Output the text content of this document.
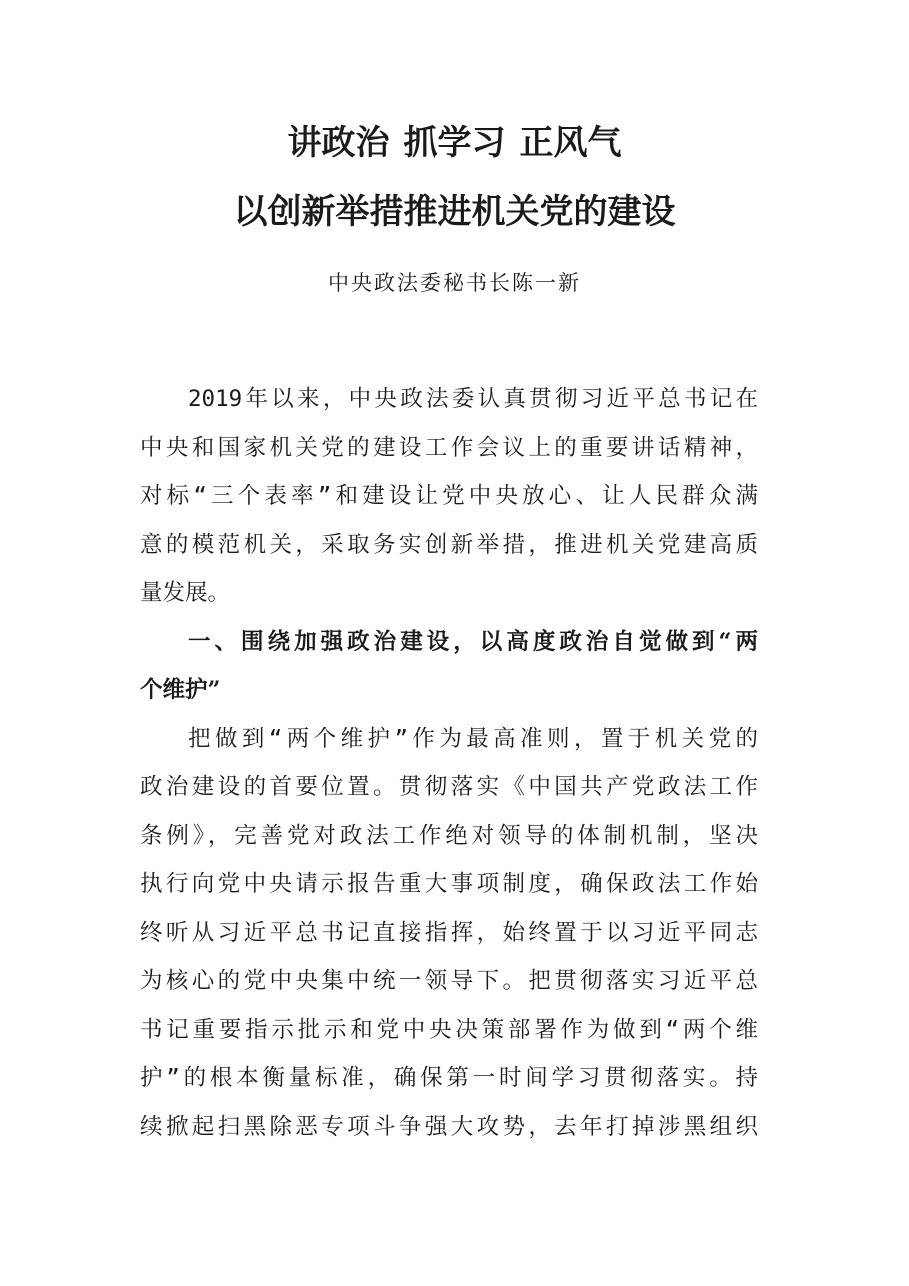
讲政治 抓学习 正风气
以创新举措推进机关党的建设
中央政法委秘书长陈一新
2019年以来，中央政法委认真贯彻习近平总书记在
中央和国家机关党的建设工作会议上的重要讲话精神，
对标“三个表率”和建设让党中央放心、让人民群众满
意的模范机关，采取务实创新举措，推进机关党建高质
量发展。
一、围绕加强政治建设，以高度政治自觉做到“两
个维护”
把做到“两个维护”作为最高准则，置于机关党的
政治建设的首要位置。贯彻落实《中国共产党政法工作
条例》，完善党对政法工作绝对领导的体制机制，坚决
执行向党中央请示报告重大事项制度，确保政法工作始
终听从习近平总书记直接指挥，始终置于以习近平同志
为核心的党中央集中统一领导下。把贯彻落实习近平总
书记重要指示批示和党中央决策部署作为做到“两个维
护”的根本衡量标准，确保第一时间学习贯彻落实。持
续掀起扫黑除恶专项斗争强大攻势，去年打掉涉黑组织
